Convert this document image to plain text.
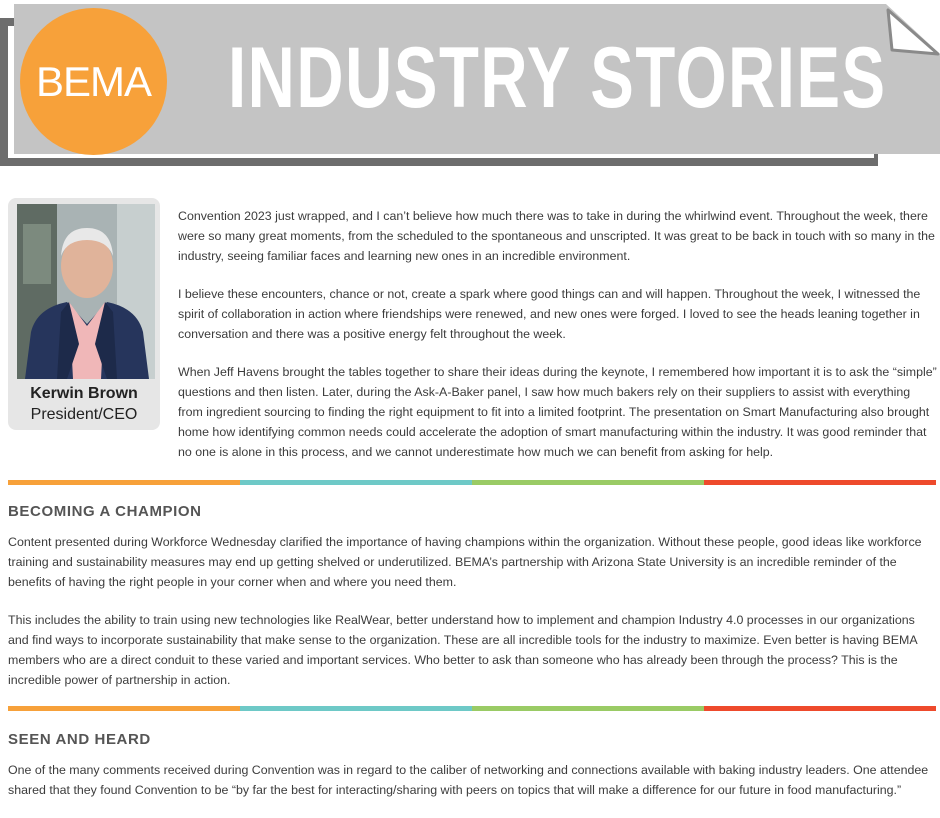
BEMA INDUSTRY STORIES
Kerwin Brown
President/CEO

Convention 2023 just wrapped, and I can’t believe how much there was to take in during the whirlwind event. Throughout the week, there were so many great moments, from the scheduled to the spontaneous and unscripted. It was great to be back in touch with so many in the industry, seeing familiar faces and learning new ones in an incredible environment.

I believe these encounters, chance or not, create a spark where good things can and will happen. Throughout the week, I witnessed the spirit of collaboration in action where friendships were renewed, and new ones were forged. I loved to see the heads leaning together in conversation and there was a positive energy felt throughout the week.

When Jeff Havens brought the tables together to share their ideas during the keynote, I remembered how important it is to ask the “simple” questions and then listen. Later, during the Ask-A-Baker panel, I saw how much bakers rely on their suppliers to assist with everything from ingredient sourcing to finding the right equipment to fit into a limited footprint. The presentation on Smart Manufacturing also brought home how identifying common needs could accelerate the adoption of smart manufacturing within the industry. It was good reminder that no one is alone in this process, and we cannot underestimate how much we can benefit from asking for help.

BECOMING A CHAMPION

Content presented during Workforce Wednesday clarified the importance of having champions within the organization. Without these people, good ideas like workforce training and sustainability measures may end up getting shelved or underutilized. BEMA’s partnership with Arizona State University is an incredible reminder of the benefits of having the right people in your corner when and where you need them.

This includes the ability to train using new technologies like RealWear, better understand how to implement and champion Industry 4.0 processes in our organizations and find ways to incorporate sustainability that make sense to the organization. These are all incredible tools for the industry to maximize. Even better is having BEMA members who are a direct conduit to these varied and important services. Who better to ask than someone who has already been through the process? This is the incredible power of partnership in action.

SEEN AND HEARD

One of the many comments received during Convention was in regard to the caliber of networking and connections available with baking industry leaders. One attendee shared that they found Convention to be “by far the best for interacting/sharing with peers on topics that will make a difference for our future in food manufacturing.”
